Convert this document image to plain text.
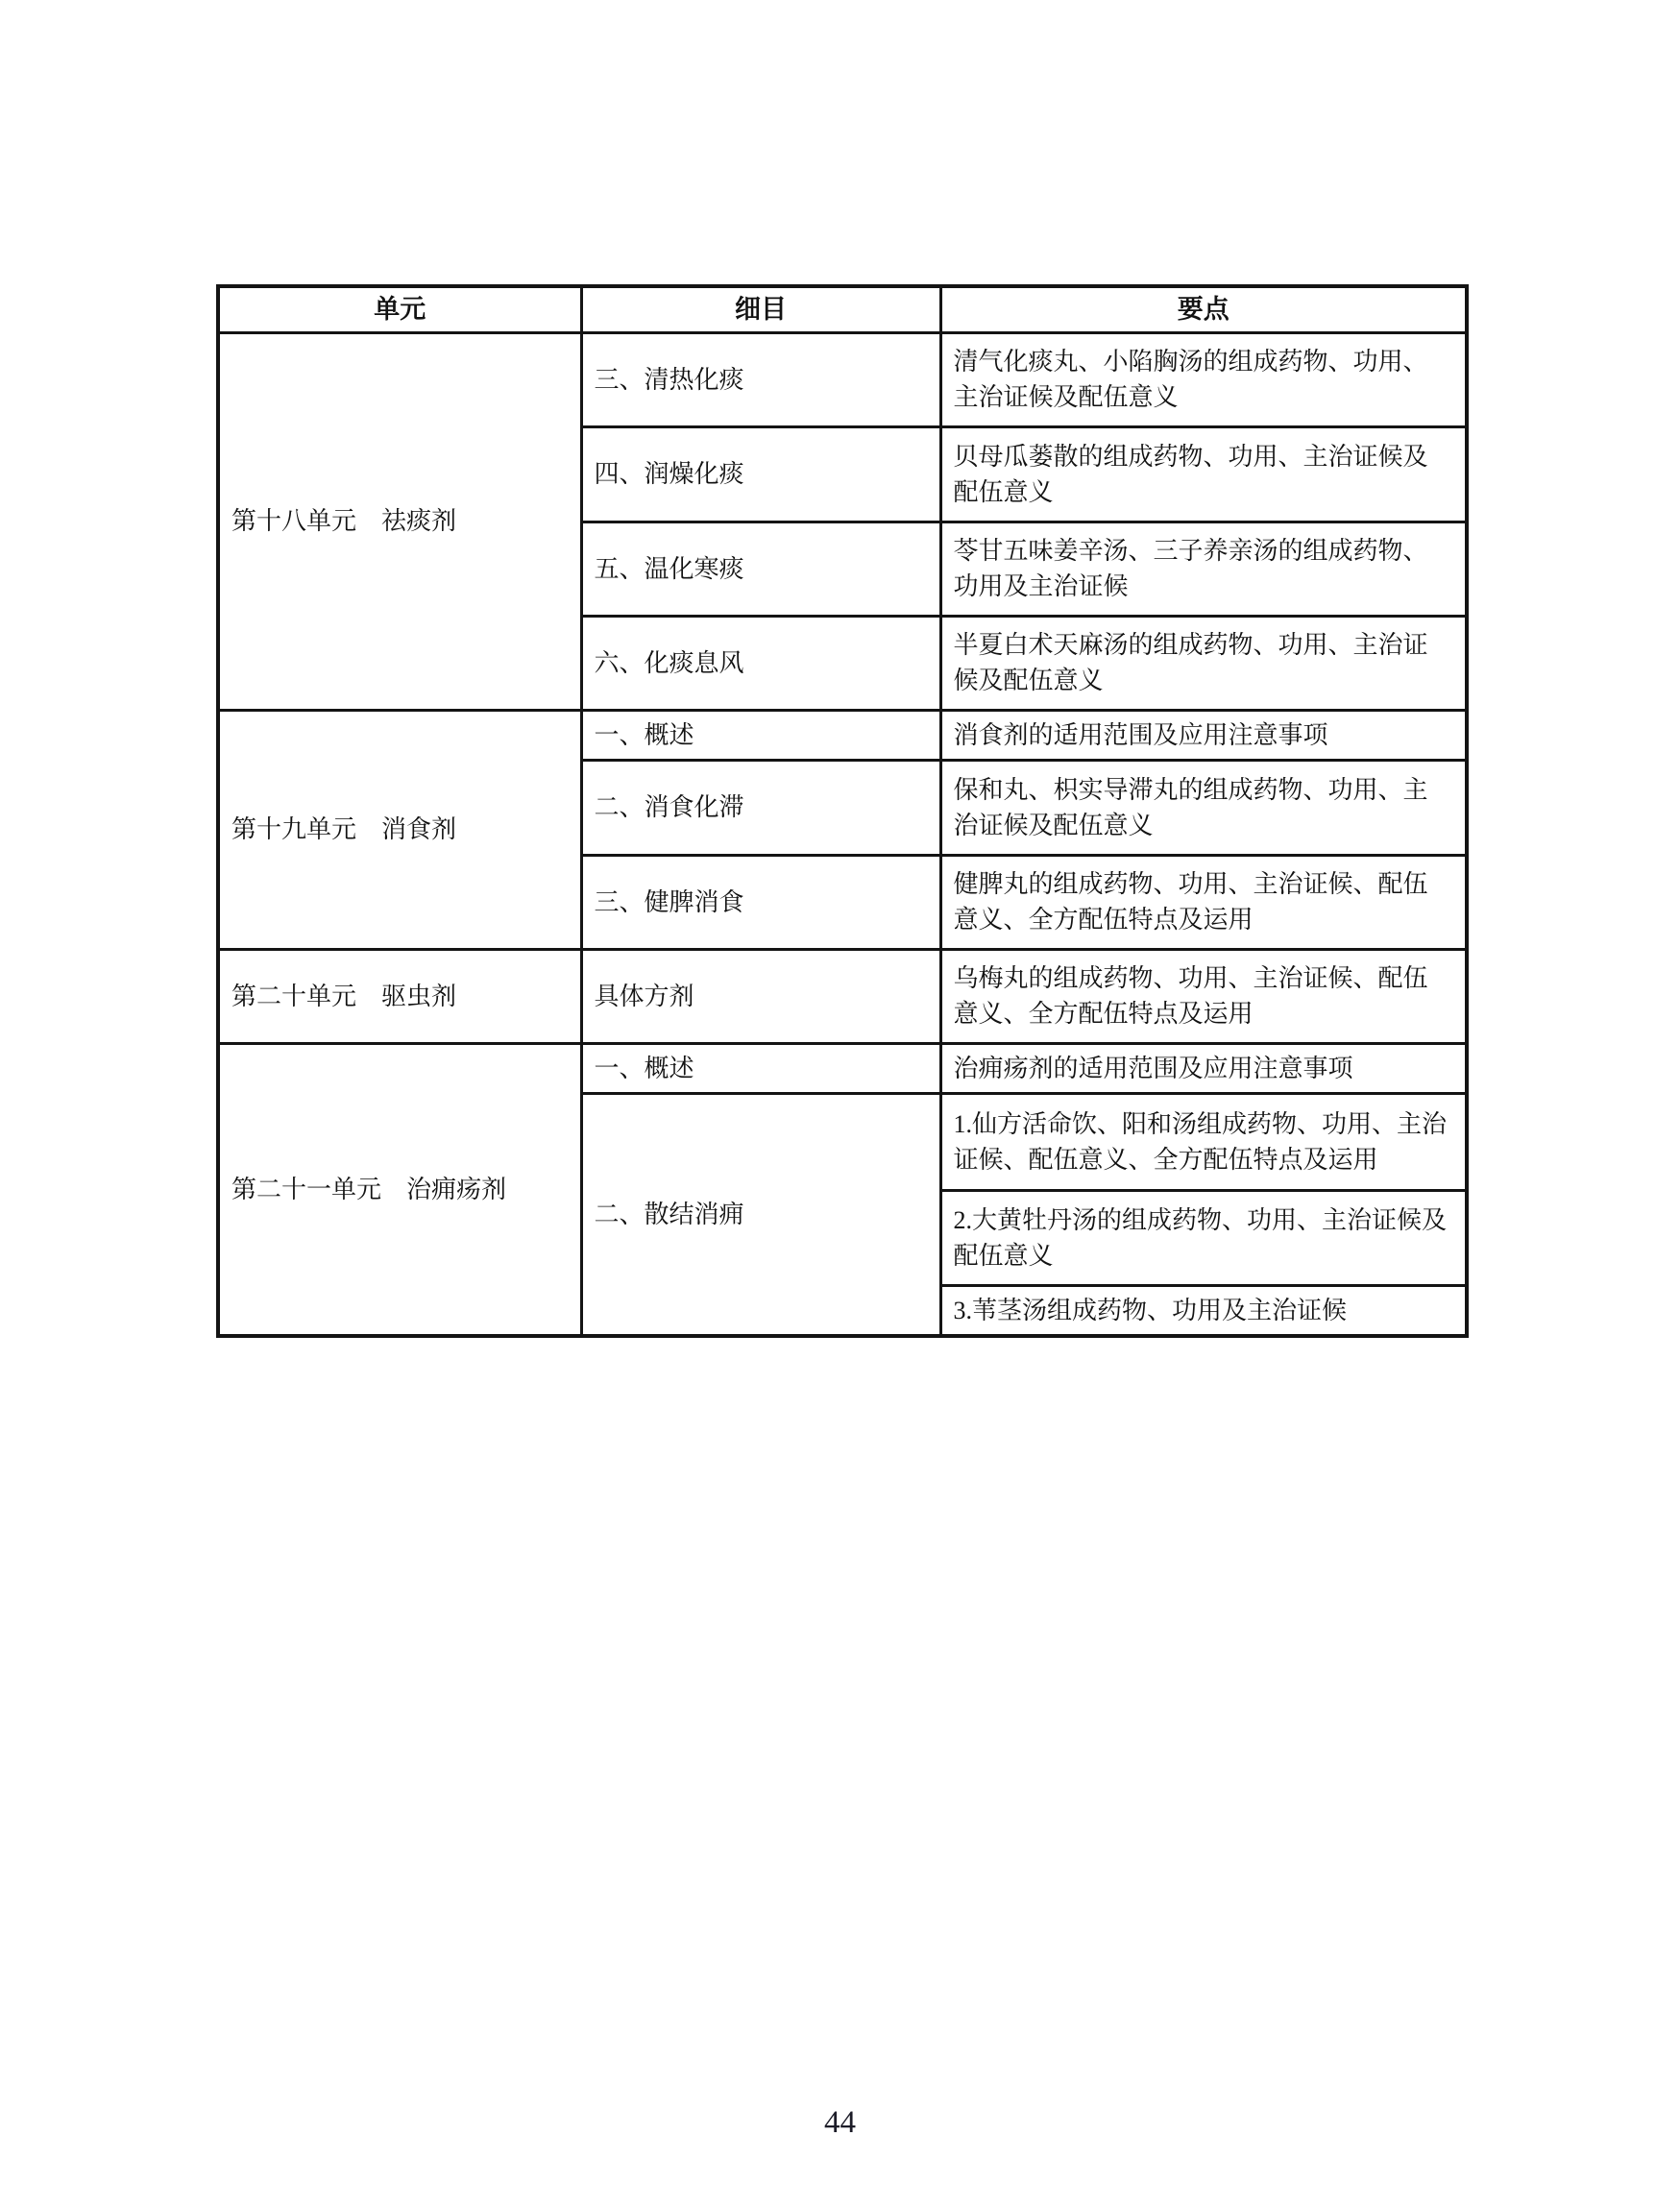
单元	细目	要点
第十八单元　祛痰剂	三、清热化痰	清气化痰丸、小陷胸汤的组成药物、功用、主治证候及配伍意义
	四、润燥化痰	贝母瓜蒌散的组成药物、功用、主治证候及配伍意义
	五、温化寒痰	苓甘五味姜辛汤、三子养亲汤的组成药物、功用及主治证候
	六、化痰息风	半夏白术天麻汤的组成药物、功用、主治证候及配伍意义
第十九单元　消食剂	一、概述	消食剂的适用范围及应用注意事项
	二、消食化滞	保和丸、枳实导滞丸的组成药物、功用、主治证候及配伍意义
	三、健脾消食	健脾丸的组成药物、功用、主治证候、配伍意义、全方配伍特点及运用
第二十单元　驱虫剂	具体方剂	乌梅丸的组成药物、功用、主治证候、配伍意义、全方配伍特点及运用
第二十一单元　治痈疡剂	一、概述	治痈疡剂的适用范围及应用注意事项
	二、散结消痈	1.仙方活命饮、阳和汤组成药物、功用、主治证候、配伍意义、全方配伍特点及运用
		2.大黄牡丹汤的组成药物、功用、主治证候及配伍意义
		3.苇茎汤组成药物、功用及主治证候
44
